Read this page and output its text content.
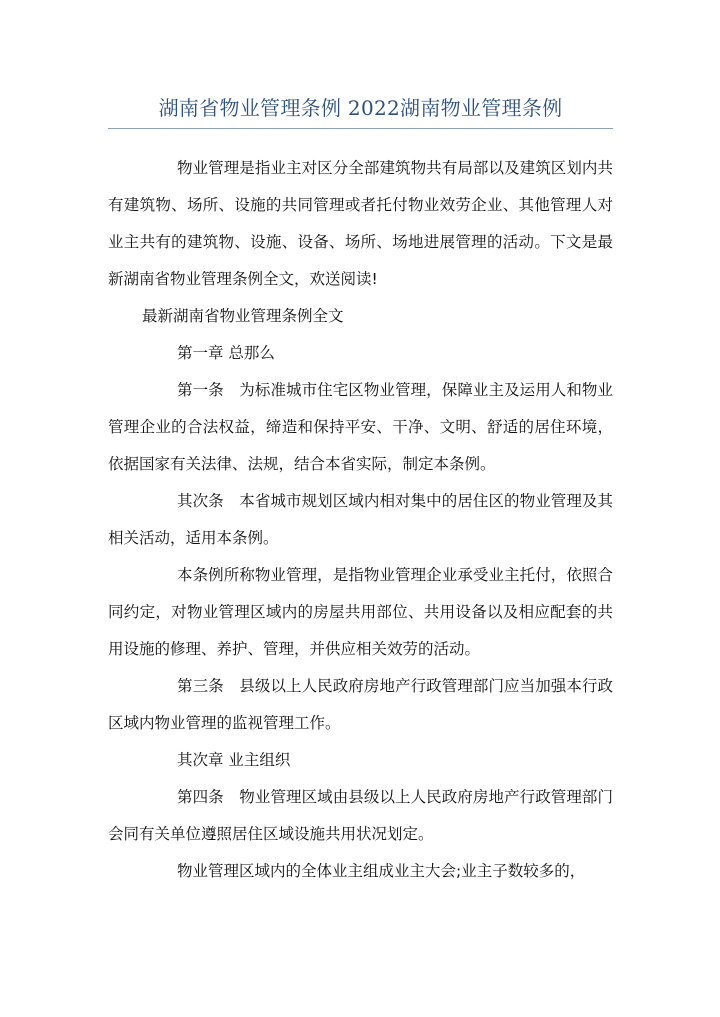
湖南省物业管理条例 2022湖南物业管理条例

物业管理是指业主对区分全部建筑物共有局部以及建筑区划内共有建筑物、场所、设施的共同管理或者托付物业效劳企业、其他管理人对业主共有的建筑物、设施、设备、场所、场地进展管理的活动。下文是最新湖南省物业管理条例全文，欢送阅读!

最新湖南省物业管理条例全文

第一章 总那么

第一条　为标准城市住宅区物业管理，保障业主及运用人和物业管理企业的合法权益，缔造和保持平安、干净、文明、舒适的居住环境，依据国家有关法律、法规，结合本省实际，制定本条例。

其次条　本省城市规划区域内相对集中的居住区的物业管理及其相关活动，适用本条例。

本条例所称物业管理，是指物业管理企业承受业主托付，依照合同约定，对物业管理区域内的房屋共用部位、共用设备以及相应配套的共用设施的修理、养护、管理，并供应相关效劳的活动。

第三条　县级以上人民政府房地产行政管理部门应当加强本行政区域内物业管理的监视管理工作。

其次章 业主组织

第四条　物业管理区域由县级以上人民政府房地产行政管理部门会同有关单位遵照居住区域设施共用状况划定。

物业管理区域内的全体业主组成业主大会;业主子数较多的，
